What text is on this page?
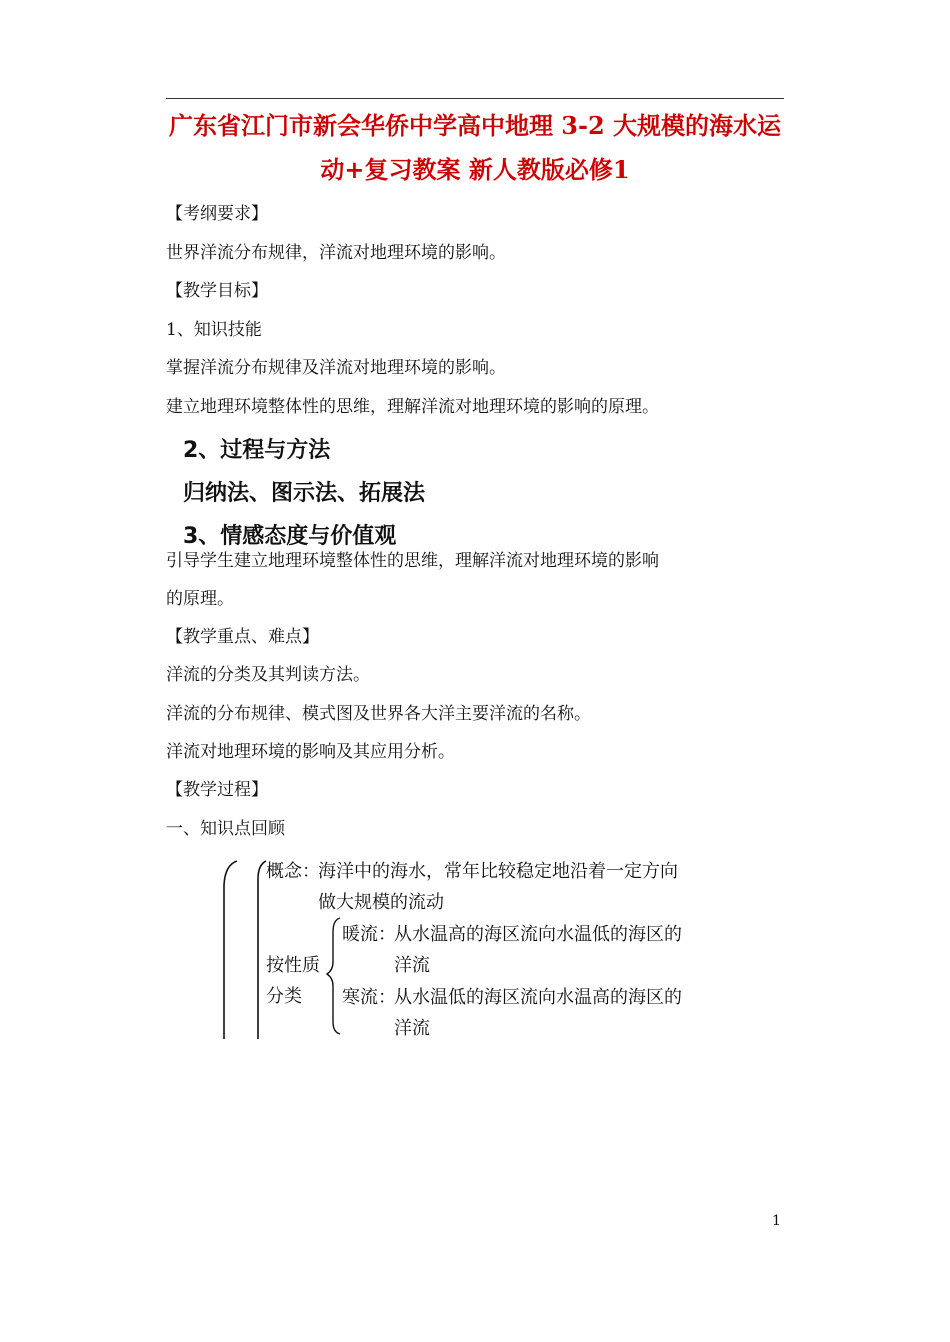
广东省江门市新会华侨中学高中地理 3-2 大规模的海水运动+复习教案 新人教版必修1
【考纲要求】
世界洋流分布规律，洋流对地理环境的影响。
【教学目标】
1、知识技能
掌握洋流分布规律及洋流对地理环境的影响。
建立地理环境整体性的思维，理解洋流对地理环境的影响的原理。
2、过程与方法
归纳法、图示法、拓展法
3、情感态度与价值观
引导学生建立地理环境整体性的思维，理解洋流对地理环境的影响
的原理。
【教学重点、难点】
洋流的分类及其判读方法。
洋流的分布规律、模式图及世界各大洋主要洋流的名称。
洋流对地理环境的影响及其应用分析。
【教学过程】
一、知识点回顾
概念：
海洋中的海水，常年比较稳定地沿着一定方向
做大规模的流动
按性质
分类
暖流：
从水温高的海区流向水温低的海区的
洋流
寒流：
从水温低的海区流向水温高的海区的
洋流
1
